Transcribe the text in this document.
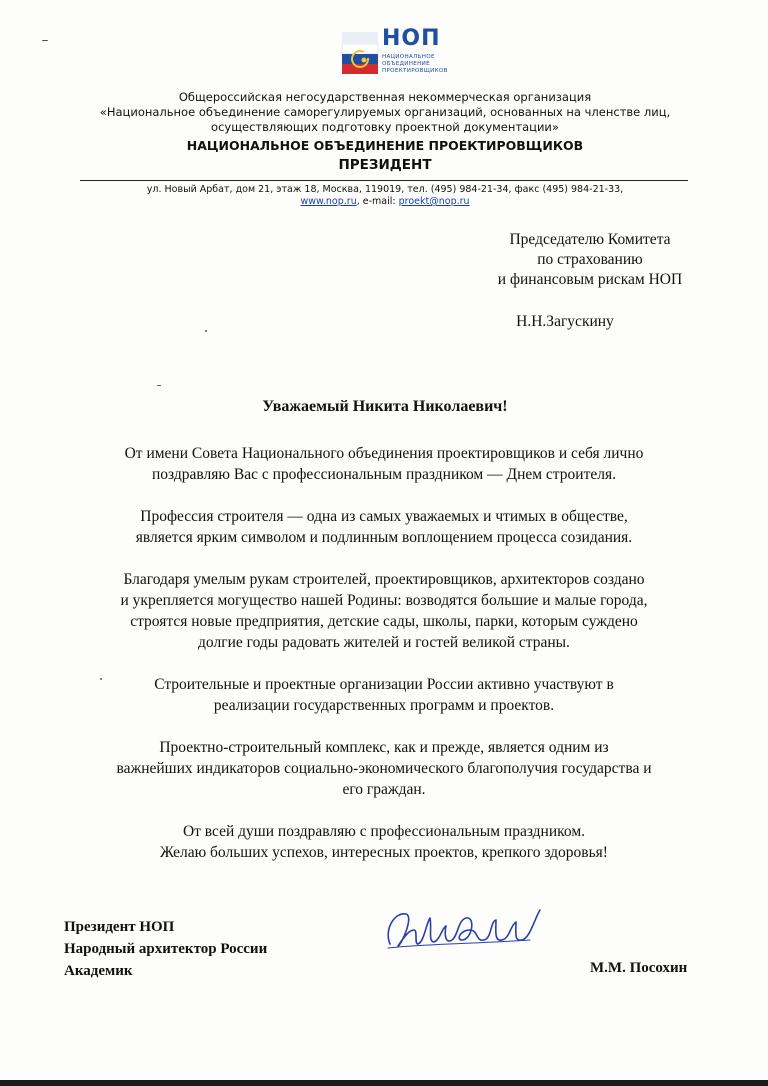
НОП
НАЦИОНАЛЬНОЕ
ОБЪЕДИНЕНИЕ
ПРОЕКТИРОВЩИКОВ
Общероссийская негосударственная некоммерческая организация
«Национальное объединение саморегулируемых организаций, основанных на членстве лиц,
осуществляющих подготовку проектной документации»
НАЦИОНАЛЬНОЕ ОБЪЕДИНЕНИЕ ПРОЕКТИРОВЩИКОВ
ПРЕЗИДЕНТ
ул. Новый Арбат, дом 21, этаж 18, Москва, 119019, тел. (495) 984-21-34, факс (495) 984-21-33,
www.nop.ru, e-mail: proekt@nop.ru
Председателю Комитета
по страхованию
и финансовым рискам НОП
Н.Н.Загускину
Уважаемый Никита Николаевич!
От имени Совета Национального объединения проектировщиков и себя лично
поздравляю Вас с профессиональным праздником — Днем строителя.
Профессия строителя — одна из самых уважаемых и чтимых в обществе,
является ярким символом и подлинным воплощением процесса созидания.
Благодаря умелым рукам строителей, проектировщиков, архитекторов создано
и укрепляется могущество нашей Родины: возводятся большие и малые города,
строятся новые предприятия, детские сады, школы, парки, которым суждено
долгие годы радовать жителей и гостей великой страны.
Строительные и проектные организации России активно участвуют в
реализации государственных программ и проектов.
Проектно-строительный комплекс, как и прежде, является одним из
важнейших индикаторов социально-экономического благополучия государства и
его граждан.
От всей души поздравляю с профессиональным праздником.
Желаю больших успехов, интересных проектов, крепкого здоровья!
Президент НОП
Народный архитектор России
Академик	М.М. Посохин
